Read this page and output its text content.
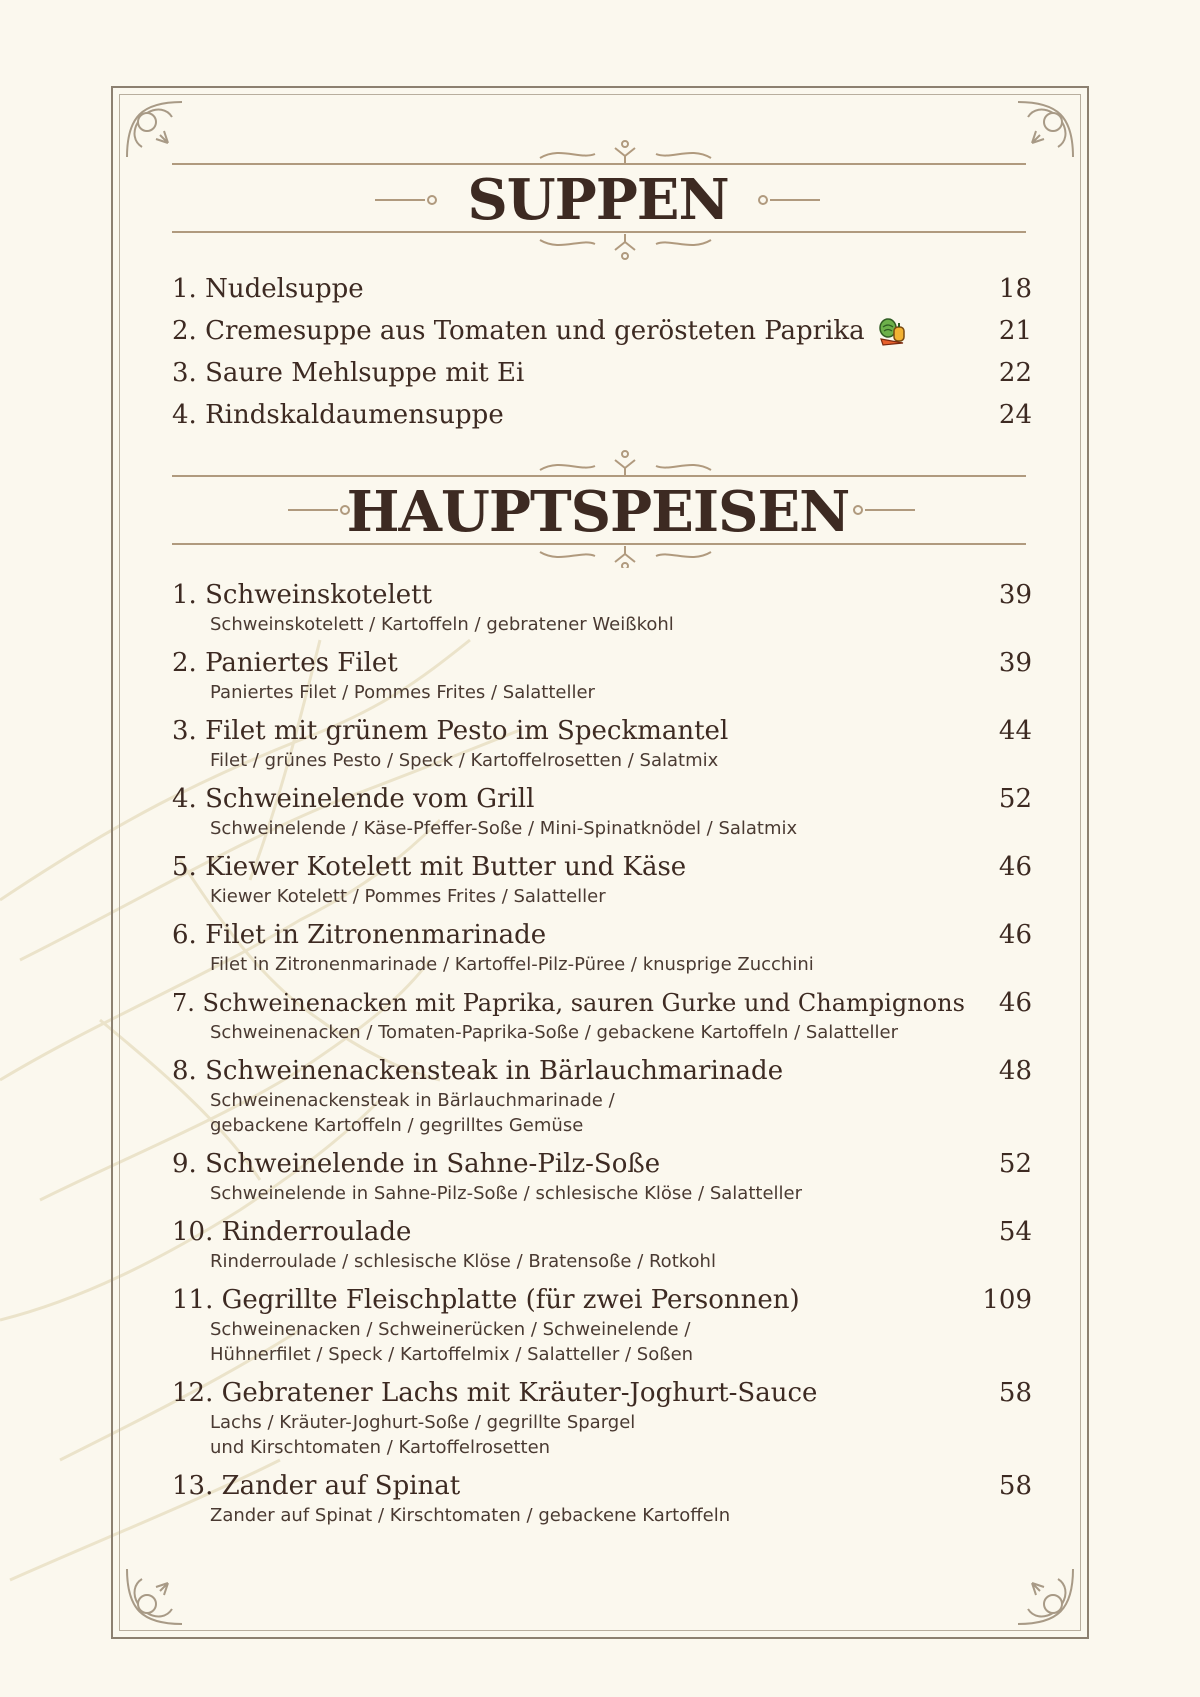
SUPPEN
1. Nudelsuppe	18
2. Cremesuppe aus Tomaten und gerösteten Paprika	21
3. Saure Mehlsuppe mit Ei	22
4. Rindskaldaumensuppe	24
HAUPTSPEISEN
1. Schweinskotelett	39
Schweinskotelett / Kartoffeln / gebratener Weißkohl
2. Paniertes Filet	39
Paniertes Filet / Pommes Frites / Salatteller
3. Filet mit grünem Pesto im Speckmantel	44
Filet / grünes Pesto / Speck / Kartoffelrosetten / Salatmix
4. Schweinelende vom Grill	52
Schweinelende / Käse-Pfeffer-Soße / Mini-Spinatknödel / Salatmix
5. Kiewer Kotelett mit Butter und Käse	46
Kiewer Kotelett / Pommes Frites / Salatteller
6. Filet in Zitronenmarinade	46
Filet in Zitronenmarinade / Kartoffel-Pilz-Püree / knusprige Zucchini
7. Schweinenacken mit Paprika, sauren Gurke und Champignons 46
Schweinenacken / Tomaten-Paprika-Soße / gebackene Kartoffeln / Salatteller
8. Schweinenackensteak in Bärlauchmarinade	48
Schweinenackensteak in Bärlauchmarinade /
gebackene Kartoffeln / gegrilltes Gemüse
9. Schweinelende in Sahne-Pilz-Soße	52
Schweinelende in Sahne-Pilz-Soße / schlesische Klöse / Salatteller
10. Rinderroulade	54
Rinderroulade / schlesische Klöse / Bratensoße / Rotkohl
11. Gegrillte Fleischplatte (für zwei Personnen)	109
Schweinenacken / Schweinerücken / Schweinelende /
Hühnerfilet / Speck / Kartoffelmix / Salatteller / Soßen
12. Gebratener Lachs mit Kräuter-Joghurt-Sauce	58
Lachs / Kräuter-Joghurt-Soße / gegrillte Spargel
und Kirschtomaten / Kartoffelrosetten
13. Zander auf Spinat	58
Zander auf Spinat / Kirschtomaten / gebackene Kartoffeln
